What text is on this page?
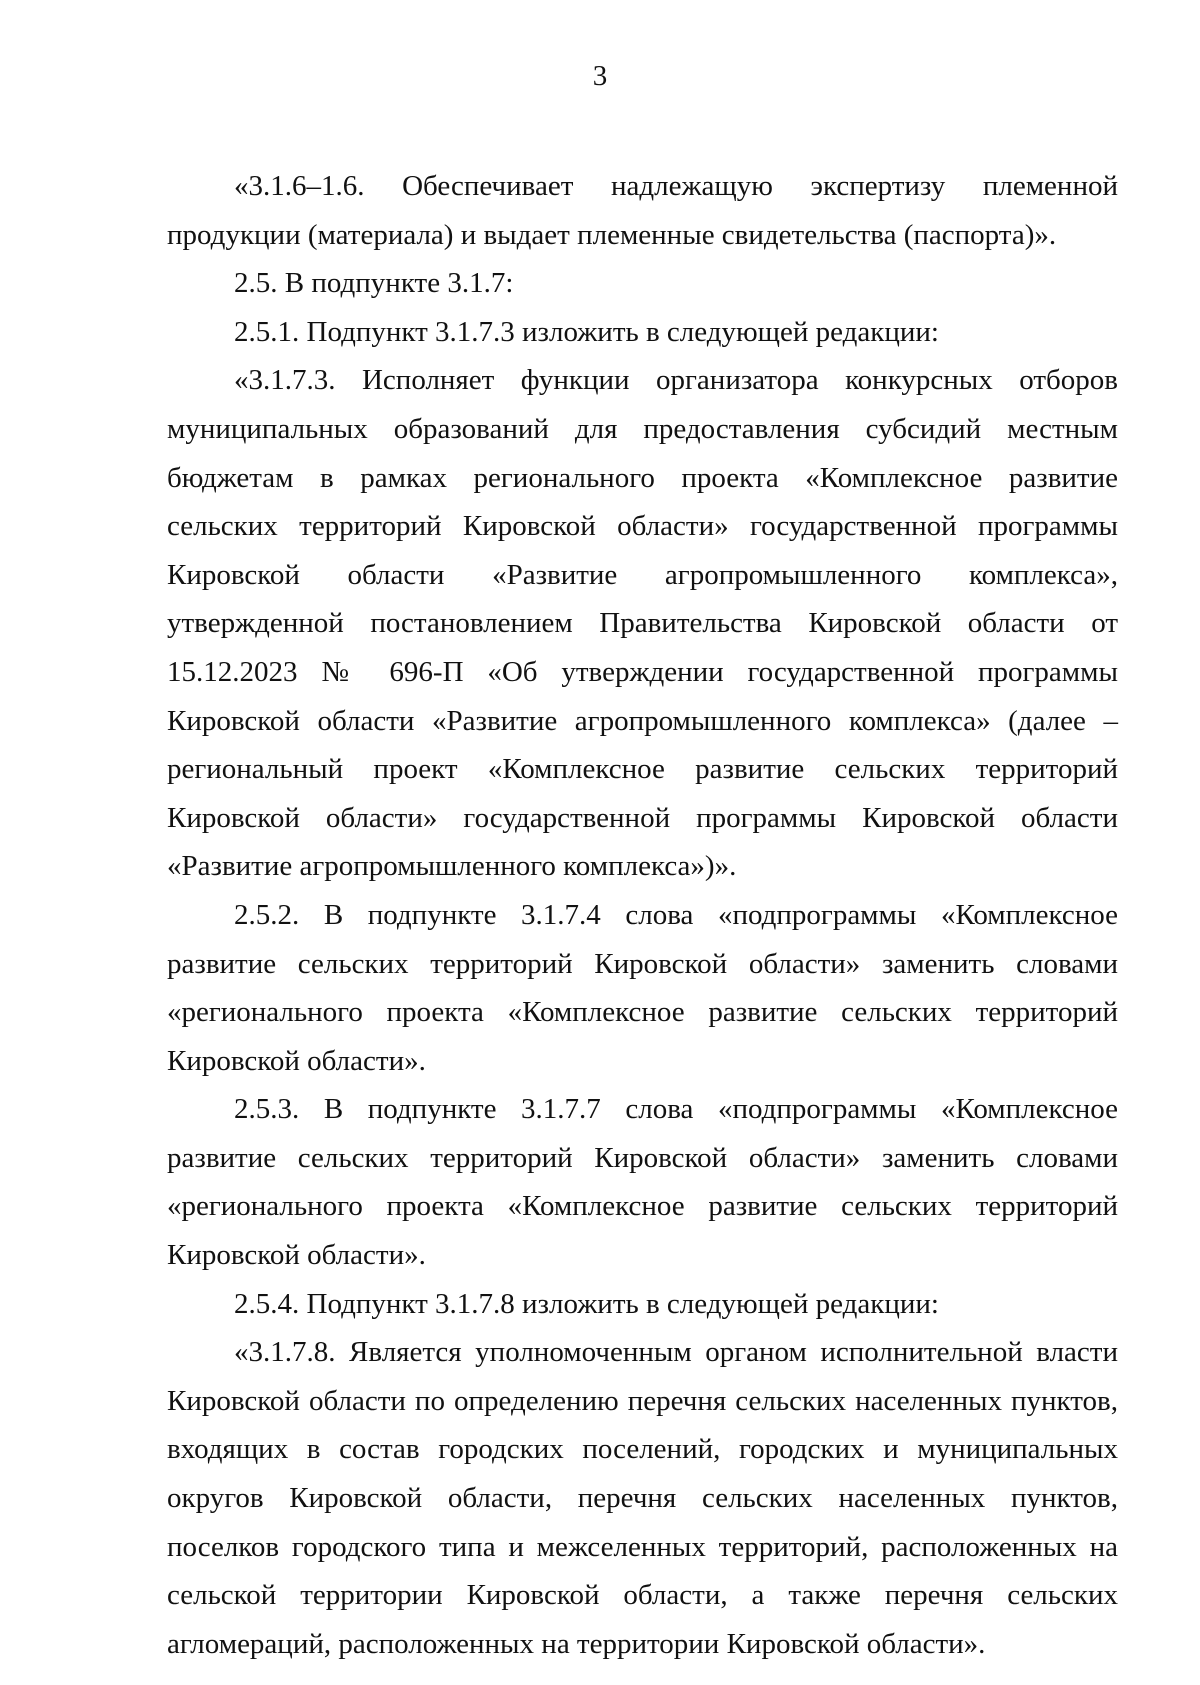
3

«3.1.6–1.6. Обеспечивает надлежащую экспертизу племенной продукции (материала) и выдает племенные свидетельства (паспорта)».

2.5. В подпункте 3.1.7:

2.5.1. Подпункт 3.1.7.3 изложить в следующей редакции:

«3.1.7.3. Исполняет функции организатора конкурсных отборов муниципальных образований для предоставления субсидий местным бюджетам в рамках регионального проекта «Комплексное развитие сельских территорий Кировской области» государственной программы Кировской области «Развитие агропромышленного комплекса», утвержденной постановлением Правительства Кировской области от 15.12.2023 № 696-П «Об утверждении государственной программы Кировской области «Развитие агропромышленного комплекса» (далее – региональный проект «Комплексное развитие сельских территорий Кировской области» государственной программы Кировской области «Развитие агропромышленного комплекса»)».

2.5.2. В подпункте 3.1.7.4 слова «подпрограммы «Комплексное развитие сельских территорий Кировской области» заменить словами «регионального проекта «Комплексное развитие сельских территорий Кировской области».

2.5.3. В подпункте 3.1.7.7 слова «подпрограммы «Комплексное развитие сельских территорий Кировской области» заменить словами «регионального проекта «Комплексное развитие сельских территорий Кировской области».

2.5.4. Подпункт 3.1.7.8 изложить в следующей редакции:

«3.1.7.8. Является уполномоченным органом исполнительной власти Кировской области по определению перечня сельских населенных пунктов, входящих в состав городских поселений, городских и муниципальных округов Кировской области, перечня сельских населенных пунктов, поселков городского типа и межселенных территорий, расположенных на сельской территории Кировской области, а также перечня сельских агломераций, расположенных на территории Кировской области».
